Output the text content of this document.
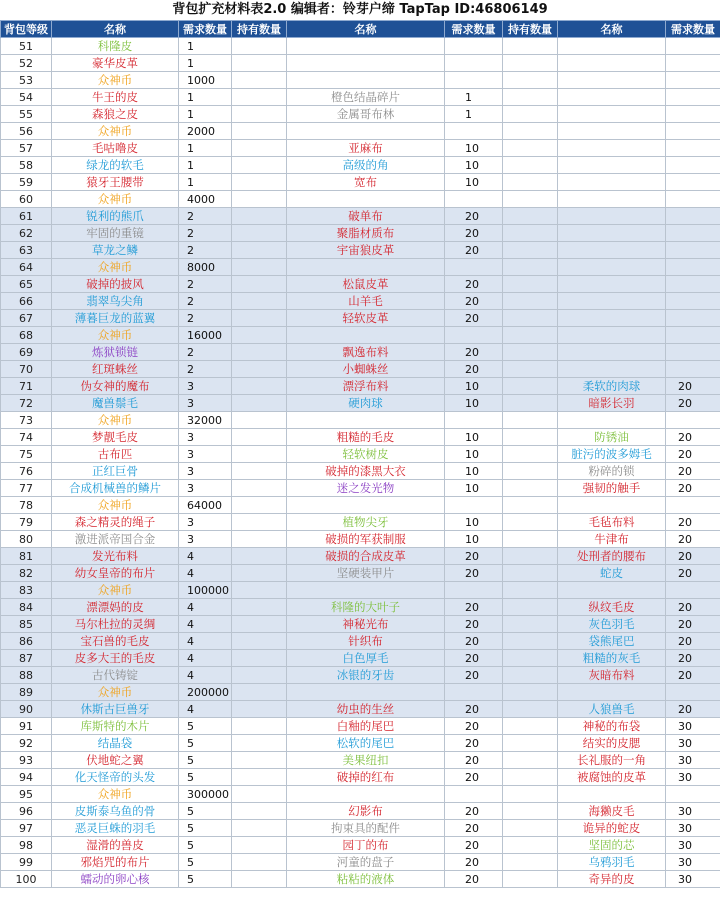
背包扩充材料表2.0 编辑者：铃芽户缔 TapTap ID:46806149
背包等级	名称	需求数量	持有数量	名称	需求数量	持有数量	名称	需求数量	
51	科隆皮	1							
52	豪华皮革	1							
53	众神币	1000							
54	牛王的皮	1		橙色结晶碎片	1				
55	森狼之皮	1		金属哥布林	1				
56	众神币	2000							
57	毛咕噜皮	1		亚麻布	10				
58	绿龙的软毛	1		高级的角	10				
59	猿牙王腰带	1		宽布	10				
60	众神币	4000							
61	锐利的熊爪	2		破单布	20				
62	牢固的重镜	2		聚脂材质布	20				
63	草龙之鳞	2		宇宙狼皮革	20				
64	众神币	8000							
65	破掉的披风	2		松鼠皮革	20				
66	翡翠鸟尖角	2		山羊毛	20				
67	薄暮巨龙的蓝翼	2		轻软皮革	20				
68	众神币	16000							
69	炼狱锁链	2		飘逸布料	20				
70	红斑蛛丝	2		小蜘蛛丝	20				
71	伪女神的魔布	3		漂浮布料	10		柔软的肉球	20	
72	魔兽鬃毛	3		硬肉球	10		暗影长羽	20	
73	众神币	32000							
74	梦靓毛皮	3		粗糙的毛皮	10		防锈油	20	
75	古布匹	3		轻软树皮	10		脏污的波多姆毛	20	
76	正红巨骨	3		破掉的漆黑大衣	10		粉碎的锁	20	
77	合成机械兽的鳞片	3		迷之发光物	10		强韧的触手	20	
78	众神币	64000							
79	森之精灵的绳子	3		植物尖牙	10		毛毡布料	20	
80	激进派帝国合金	3		破损的军获制服	10		牛津布	20	
81	发光布料	4		破损的合成皮革	20		处刑者的腰布	20	
82	幼女皇帝的布片	4		坚硬装甲片	20		蛇皮	20	
83	众神币	100000							
84	漂漂妈的皮	4		科隆的大叶子	20		纵纹毛皮	20	
85	马尔杜拉的灵绸	4		神秘光布	20		灰色羽毛	20	
86	宝石兽的毛皮	4		针织布	20		袋熊尾巴	20	
87	皮多大王的毛皮	4		白色厚毛	20		粗糙的灰毛	20	
88	古代铸锭	4		冰银的牙齿	20		灰暗布料	20	
89	众神币	200000							
90	休斯古巨兽牙	4		幼虫的生丝	20		人狼兽毛	20	
91	库斯特的木片	5		白釉的尾巴	20		神秘的布袋	30	
92	结晶袋	5		松软的尾巴	20		结实的皮腮	30	
93	伏地蛇之翼	5		美果纽扣	20		长礼服的一角	30	
94	化天怪帝的头发	5		破掉的红布	20		被腐蚀的皮革	30	
95	众神币	300000							
96	皮斯泰乌鱼的骨	5		幻影布	20		海獭皮毛	30	
97	恶灵巨蛛的羽毛	5		拘束具的配件	20		诡异的蛇皮	30	
98	湿滑的兽皮	5		园丁的布	20		坚固的芯	30	
99	邪焰咒的布片	5		河童的盘子	20		乌鸦羽毛	30	
100	蠕动的卵心核	5		粘粘的液体	20		奇异的皮	30	
